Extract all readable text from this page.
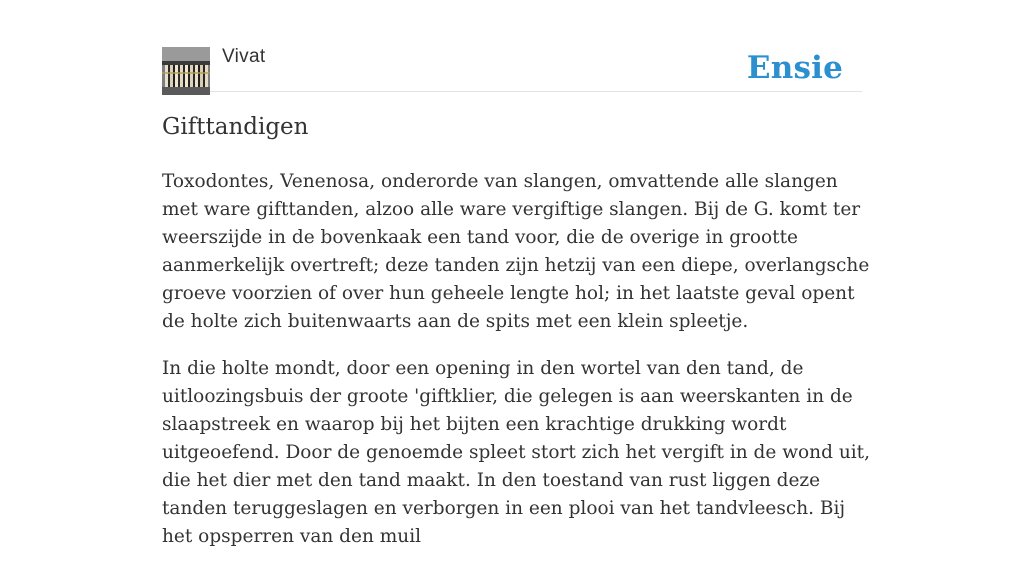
Vivat	Ensie
Gifttandigen

Toxodontes, Venenosa, onderorde van slangen, omvattende alle slangen met ware gifttanden, alzoo alle ware vergiftige slangen. Bij de G. komt ter weerszijde in de bovenkaak een tand voor, die de overige in grootte aanmerkelijk overtreft; deze tanden zijn hetzij van een diepe, overlangsche groeve voorzien of over hun geheele lengte hol; in het laatste geval opent de holte zich buitenwaarts aan de spits met een klein spleetje.

In die holte mondt, door een opening in den wortel van den tand, de uitloozingsbuis der groote 'giftklier, die gelegen is aan weerskanten in de slaapstreek en waarop bij het bijten een krachtige drukking wordt uitgeoefend. Door de genoemde spleet stort zich het vergift in de wond uit, die het dier met den tand maakt. In den toestand van rust liggen deze tanden teruggeslagen en verborgen in een plooi van het tandvleesch. Bij het opsperren van den muil
